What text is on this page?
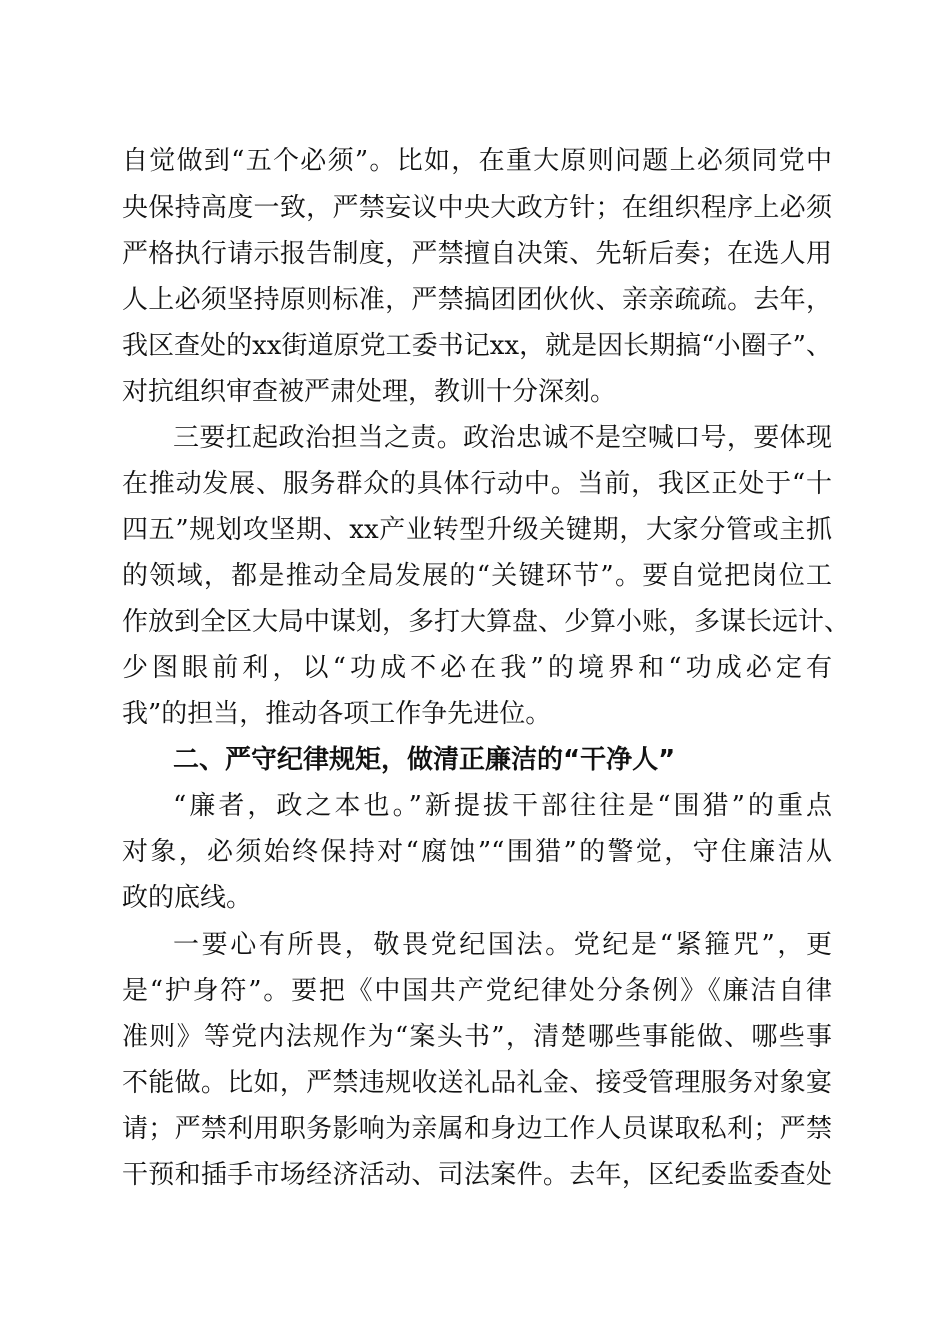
自觉做到“五个必须”。比如，在重大原则问题上必须同党中
央保持高度一致，严禁妄议中央大政方针；在组织程序上必须
严格执行请示报告制度，严禁擅自决策、先斩后奏；在选人用
人上必须坚持原则标准，严禁搞团团伙伙、亲亲疏疏。去年，
我区查处的xx街道原党工委书记xx，就是因长期搞“小圈子”、
对抗组织审查被严肃处理，教训十分深刻。
三要扛起政治担当之责。政治忠诚不是空喊口号，要体现
在推动发展、服务群众的具体行动中。当前，我区正处于“十
四五”规划攻坚期、xx产业转型升级关键期，大家分管或主抓
的领域，都是推动全局发展的“关键环节”。要自觉把岗位工
作放到全区大局中谋划，多打大算盘、少算小账，多谋长远计、
少图眼前利，以“功成不必在我”的境界和“功成必定有
我”的担当，推动各项工作争先进位。
二、严守纪律规矩，做清正廉洁的“干净人”
“廉者，政之本也。”新提拔干部往往是“围猎”的重点
对象，必须始终保持对“腐蚀”“围猎”的警觉，守住廉洁从
政的底线。
一要心有所畏，敬畏党纪国法。党纪是“紧箍咒”，更
是“护身符”。要把《中国共产党纪律处分条例》《廉洁自律
准则》等党内法规作为“案头书”，清楚哪些事能做、哪些事
不能做。比如，严禁违规收送礼品礼金、接受管理服务对象宴
请；严禁利用职务影响为亲属和身边工作人员谋取私利；严禁
干预和插手市场经济活动、司法案件。去年，区纪委监委查处
